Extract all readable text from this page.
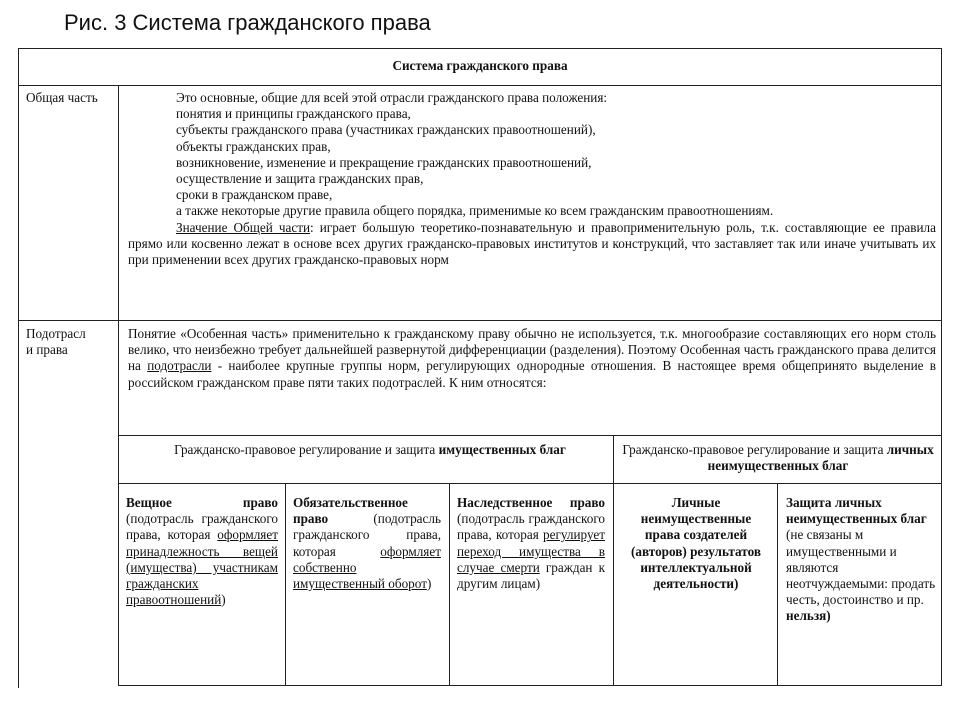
Рис. 3 Система гражданского права
Система гражданского права
Общая часть	Это основные, общие для всей этой отрасли гражданского права положения:
понятия и принципы гражданского права,
субъекты гражданского права (участниках гражданских правоотношений),
объекты гражданских прав,
возникновение, изменение и прекращение гражданских правоотношений,
осуществление и защита гражданских прав,
сроки в гражданском праве,
а также некоторые другие правила общего порядка, применимые ко всем гражданским правоотношениям.
Значение Общей части: играет большую теоретико-познавательную и правоприменительную роль, т.к. составляющие ее правила прямо или косвенно лежат в основе всех других гражданско-правовых институтов и конструкций, что заставляет так или иначе учитывать их при применении всех других гражданско-правовых норм
Подотрасл
и права
Понятие «Особенная часть» применительно к гражданскому праву обычно не используется, т.к. многообразие составляющих его норм столь велико, что неизбежно требует дальнейшей развернутой дифференциации (разделения). Поэтому Особенная часть гражданского права делится на подотрасли - наиболее крупные группы норм, регулирующих однородные отношения. В настоящее время общепринято выделение в российском гражданском праве пяти таких подотраслей. К ним относятся:
Гражданско-правовое регулирование и защита имущественных благ	Гражданско-правовое регулирование и защита личных неимущественных благ
Вещное право (подотрасль гражданского права, которая оформляет принадлежность вещей (имущества) участникам гражданских правоотношений)
Обязательственное право (подотрасль гражданского права, которая оформляет собственно имущественный оборот)
Наследственное право (подотрасль гражданского права, которая регулирует переход имущества в случае смерти граждан к другим лицам)
Личные неимущественные права создателей (авторов) результатов интеллектуальной деятельности)
Защита личных неимущественных благ (не связаны м имущественными и являются неотчуждаемыми: продать честь, достоинство и пр. нельзя)
